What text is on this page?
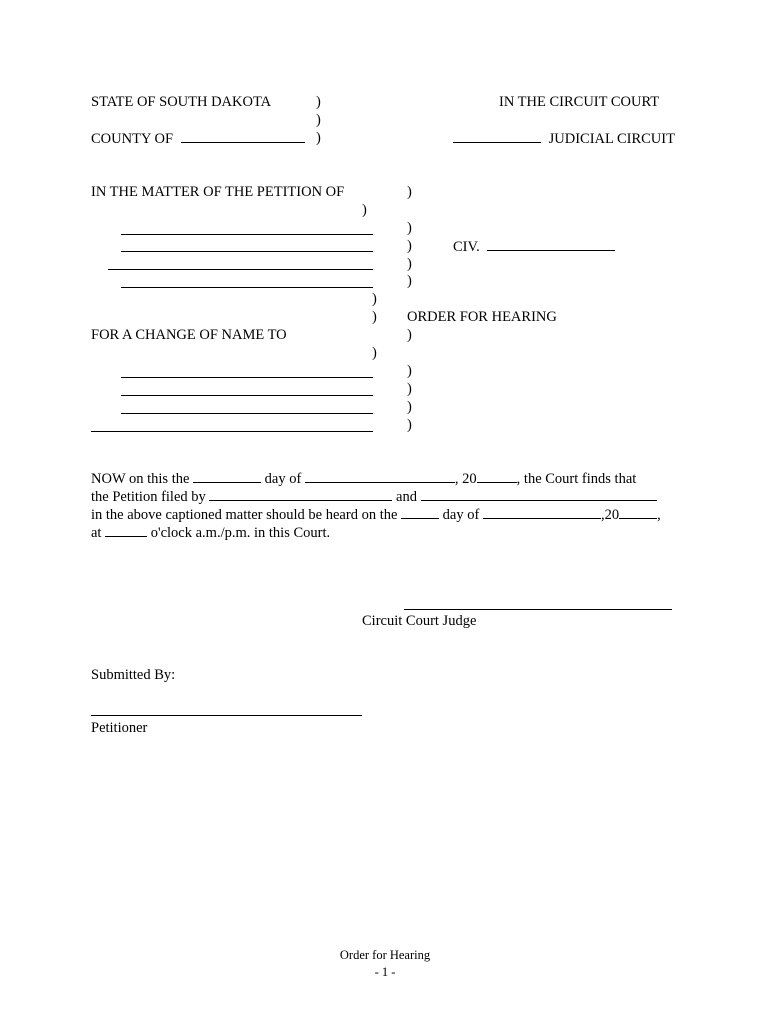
STATE OF SOUTH DAKOTA	)
)
IN THE CIRCUIT COURT
COUNTY OF	)	JUDICIAL CIRCUIT
IN THE MATTER OF THE PETITION OF	)
)
)
)
)
)
CIV.
)
) ORDER FOR HEARING
FOR A CHANGE OF NAME TO	)
)
)
)
)
)
NOW on this the	day of	, 20	, the Court finds that
the Petition filed by	and
in the above captioned matter should be heard on the	day of	,20	,
at	o'clock a.m./p.m. in this Court.
Circuit Court Judge
Submitted By:
Petitioner
Order for Hearing
- 1 -
